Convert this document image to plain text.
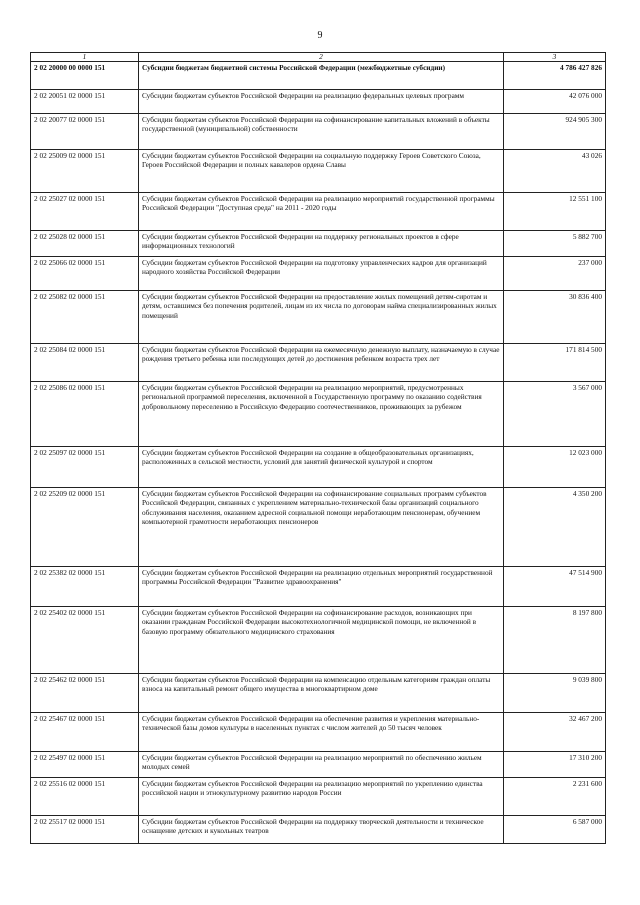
9
1	2	3
2 02 20000 00 0000 151	Субсидии бюджетам бюджетной системы Российской Федерации (межбюджетные субсидии)	4 786 427 826
2 02 20051 02 0000 151	Субсидии бюджетам субъектов Российской Федерации на реализацию федеральных целевых программ	42 076 000
2 02 20077 02 0000 151	Субсидии бюджетам субъектов Российской Федерации на софинансирование капитальных вложений в объекты государственной (муниципальной) собственности	924 905 300
2 02 25009 02 0000 151	Субсидии бюджетам субъектов Российской Федерации на социальную поддержку Героев Советского Союза, Героев Российской Федерации и полных кавалеров ордена Славы	43 026
2 02 25027 02 0000 151	Субсидии бюджетам субъектов Российской Федерации на реализацию мероприятий государственной программы Российской Федерации "Доступная среда" на 2011 - 2020 годы	12 551 100
2 02 25028 02 0000 151	Субсидии бюджетам субъектов Российской Федерации на поддержку региональных проектов в сфере информационных технологий	5 882 700
2 02 25066 02 0000 151	Субсидии бюджетам субъектов Российской Федерации на подготовку управленческих кадров для организаций народного хозяйства Российской Федерации	237 000
2 02 25082 02 0000 151	Субсидии бюджетам субъектов Российской Федерации на предоставление жилых помещений детям-сиротам и детям, оставшимся без попечения родителей, лицам из их числа по договорам найма специализированных жилых помещений	30 836 400
2 02 25084 02 0000 151	Субсидии бюджетам субъектов Российской Федерации на ежемесячную денежную выплату, назначаемую в случае рождения третьего ребенка или последующих детей до достижения ребенком возраста трех лет	171 814 500
2 02 25086 02 0000 151	Субсидии бюджетам субъектов Российской Федерации на реализацию мероприятий, предусмотренных региональной программой переселения, включенной в Государственную программу по оказанию содействия добровольному переселению в Российскую Федерацию соотечественников, проживающих за рубежом	3 567 000
2 02 25097 02 0000 151	Субсидии бюджетам субъектов Российской Федерации на создание в общеобразовательных организациях, расположенных в сельской местности, условий для занятий физической культурой и спортом	12 023 000
2 02 25209 02 0000 151	Субсидии бюджетам субъектов Российской Федерации на софинансирование социальных программ субъектов Российской Федерации, связанных с укреплением материально-технической базы организаций социального обслуживания населения, оказанием адресной социальной помощи неработающим пенсионерам, обучением компьютерной грамотности неработающих пенсионеров	4 350 200
2 02 25382 02 0000 151	Субсидии бюджетам субъектов Российской Федерации на реализацию отдельных мероприятий государственной программы Российской Федерации "Развитие здравоохранения"	47 514 900
2 02 25402 02 0000 151	Субсидии бюджетам субъектов Российской Федерации на софинансирование расходов, возникающих при оказании гражданам Российской Федерации высокотехнологичной медицинской помощи, не включенной в базовую программу обязательного медицинского страхования	8 197 800
2 02 25462 02 0000 151	Субсидии бюджетам субъектов Российской Федерации на компенсацию отдельным категориям граждан оплаты взноса на капитальный ремонт общего имущества в многоквартирном доме	9 039 800
2 02 25467 02 0000 151	Субсидии бюджетам субъектов Российской Федерации на обеспечение развития и укрепления материально-технической базы домов культуры в населенных пунктах с числом жителей до 50 тысяч человек	32 467 200
2 02 25497 02 0000 151	Субсидии бюджетам субъектов Российской Федерации на реализацию мероприятий по обеспечению жильем молодых семей	17 310 200
2 02 25516 02 0000 151	Субсидии бюджетам субъектов Российской Федерации на реализацию мероприятий по укреплению единства российской нации и этнокультурному развитию народов России	2 231 600
2 02 25517 02 0000 151	Субсидии бюджетам субъектов Российской Федерации на поддержку творческой деятельности и техническое оснащение детских и кукольных театров	6 587 000
